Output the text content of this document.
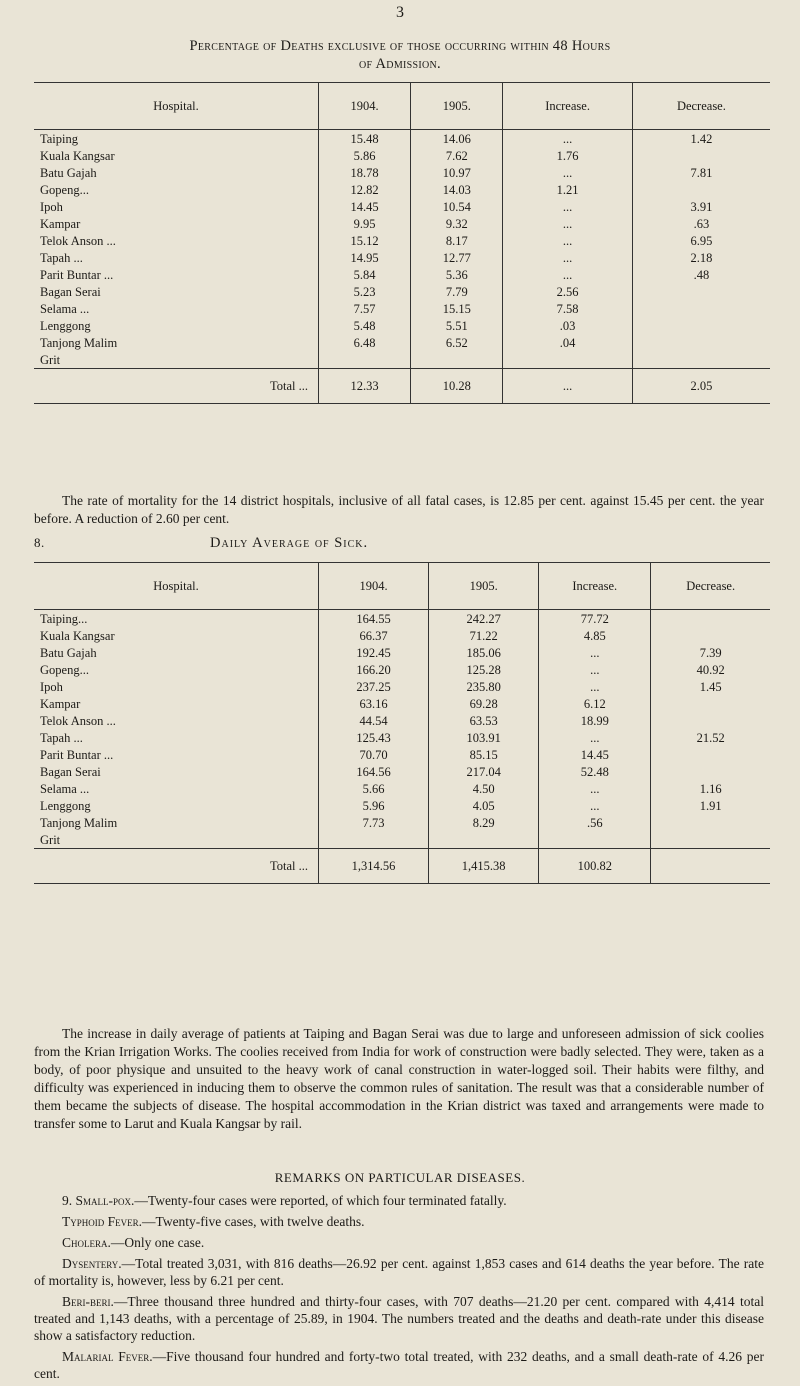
3
Percentage of Deaths exclusive of those occurring within 48 Hours
of Admission.
Hospital.	1904.	1905.	Increase.	Decrease.
Taiping	15.48	14.06	...	1.42
Kuala Kangsar	5.86	7.62	1.76	
Batu Gajah	18.78	10.97	...	7.81
Gopeng...	12.82	14.03	1.21	
Ipoh	14.45	10.54	...	3.91
Kampar	9.95	9.32	...	.63
Telok Anson ...	15.12	8.17	...	6.95
Tapah ...	14.95	12.77	...	2.18
Parit Buntar ...	5.84	5.36	...	.48
Bagan Serai	5.23	7.79	2.56	
Selama ...	7.57	15.15	7.58	
Lenggong	5.48	5.51	.03	
Tanjong Malim	6.48	6.52	.04	
Grit				
Total ...	12.33	10.28	...	2.05
The rate of mortality for the 14 district hospitals, inclusive of all fatal cases, is 12.85 per cent. against 15.45 per cent. the year before. A reduction of 2.60 per cent.
8.	Daily Average of Sick.
Hospital.	1904.	1905.	Increase.	Decrease.
Taiping...	164.55	242.27	77.72	
Kuala Kangsar	66.37	71.22	4.85	
Batu Gajah	192.45	185.06	...	7.39
Gopeng...	166.20	125.28	...	40.92
Ipoh	237.25	235.80	...	1.45
Kampar	63.16	69.28	6.12	
Telok Anson ...	44.54	63.53	18.99	
Tapah ...	125.43	103.91	...	21.52
Parit Buntar ...	70.70	85.15	14.45	
Bagan Serai	164.56	217.04	52.48	
Selama ...	5.66	4.50	...	1.16
Lenggong	5.96	4.05	...	1.91
Tanjong Malim	7.73	8.29	.56	
Grit				
Total ...	1,314.56	1,415.38	100.82	
The increase in daily average of patients at Taiping and Bagan Serai was due to large and unforeseen admission of sick coolies from the Krian Irrigation Works. The coolies received from India for work of construction were badly selected. They were, taken as a body, of poor physique and unsuited to the heavy work of canal construction in water-logged soil. Their habits were filthy, and difficulty was experienced in inducing them to observe the common rules of sanitation. The result was that a considerable number of them became the subjects of disease. The hospital accommodation in the Krian district was taxed and arrangements were made to transfer some to Larut and Kuala Kangsar by rail.
REMARKS ON PARTICULAR DISEASES.
9. Small-pox.—Twenty-four cases were reported, of which four terminated fatally.
Typhoid Fever.—Twenty-five cases, with twelve deaths.
Cholera.—Only one case.
Dysentery.—Total treated 3,031, with 816 deaths—26.92 per cent. against 1,853 cases and 614 deaths the year before. The rate of mortality is, however, less by 6.21 per cent.
Beri-beri.—Three thousand three hundred and thirty-four cases, with 707 deaths—21.20 per cent. compared with 4,414 total treated and 1,143 deaths, with a percentage of 25.89, in 1904. The numbers treated and the deaths and death-rate under this disease show a satisfactory reduction.
Malarial Fever.—Five thousand four hundred and forty-two total treated, with 232 deaths, and a small death-rate of 4.26 per cent.
